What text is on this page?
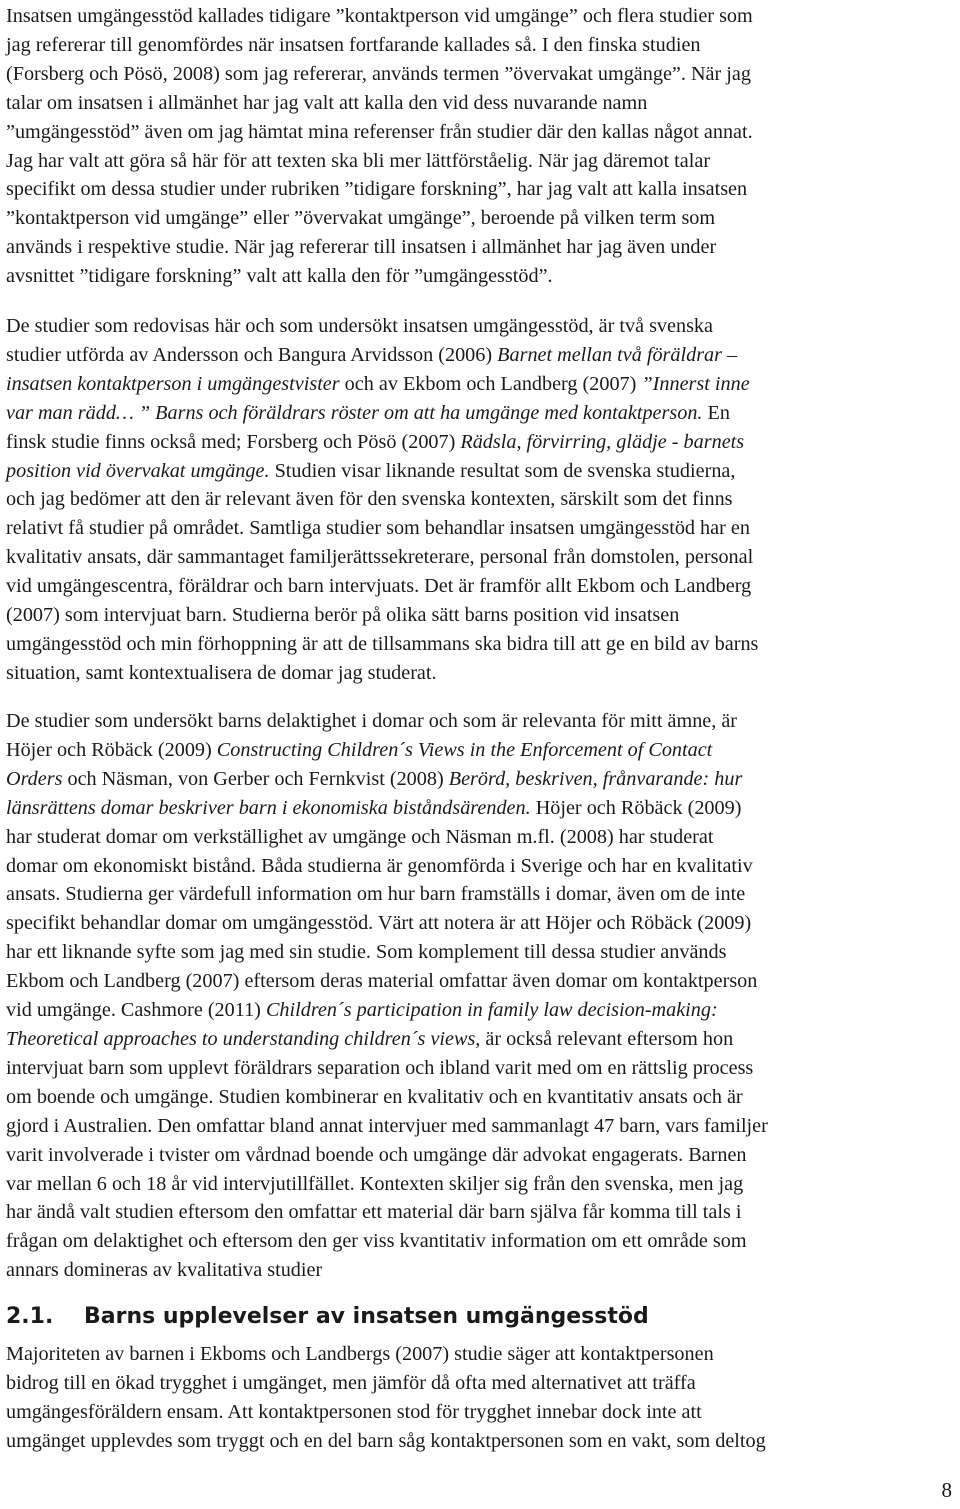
Insatsen umgängesstöd kallades tidigare ”kontaktperson vid umgänge” och flera studier som
jag refererar till genomfördes när insatsen fortfarande kallades så. I den finska studien
(Forsberg och Pösö, 2008) som jag refererar, används termen ”övervakat umgänge”. När jag
talar om insatsen i allmänhet har jag valt att kalla den vid dess nuvarande namn
”umgängesstöd” även om jag hämtat mina referenser från studier där den kallas något annat.
Jag har valt att göra så här för att texten ska bli mer lättförståelig. När jag däremot talar
specifikt om dessa studier under rubriken ”tidigare forskning”, har jag valt att kalla insatsen
”kontaktperson vid umgänge” eller ”övervakat umgänge”, beroende på vilken term som
används i respektive studie. När jag refererar till insatsen i allmänhet har jag även under
avsnittet ”tidigare forskning” valt att kalla den för ”umgängesstöd”.

De studier som redovisas här och som undersökt insatsen umgängesstöd, är två svenska
studier utförda av Andersson och Bangura Arvidsson (2006) Barnet mellan två föräldrar –
insatsen kontaktperson i umgängestvister och av Ekbom och Landberg (2007) ”Innerst inne
var man rädd… ” Barns och föräldrars röster om att ha umgänge med kontaktperson. En
finsk studie finns också med; Forsberg och Pösö (2007) Rädsla, förvirring, glädje - barnets
position vid övervakat umgänge. Studien visar liknande resultat som de svenska studierna,
och jag bedömer att den är relevant även för den svenska kontexten, särskilt som det finns
relativt få studier på området. Samtliga studier som behandlar insatsen umgängesstöd har en
kvalitativ ansats, där sammantaget familjerättssekreterare, personal från domstolen, personal
vid umgängescentra, föräldrar och barn intervjuats. Det är framför allt Ekbom och Landberg
(2007) som intervjuat barn. Studierna berör på olika sätt barns position vid insatsen
umgängesstöd och min förhoppning är att de tillsammans ska bidra till att ge en bild av barns
situation, samt kontextualisera de domar jag studerat.

De studier som undersökt barns delaktighet i domar och som är relevanta för mitt ämne, är
Höjer och Röbäck (2009) Constructing Children´s Views in the Enforcement of Contact
Orders och Näsman, von Gerber och Fernkvist (2008) Berörd, beskriven, frånvarande: hur
länsrättens domar beskriver barn i ekonomiska biståndsärenden. Höjer och Röbäck (2009)
har studerat domar om verkställighet av umgänge och Näsman m.fl. (2008) har studerat
domar om ekonomiskt bistånd. Båda studierna är genomförda i Sverige och har en kvalitativ
ansats. Studierna ger värdefull information om hur barn framställs i domar, även om de inte
specifikt behandlar domar om umgängesstöd. Värt att notera är att Höjer och Röbäck (2009)
har ett liknande syfte som jag med sin studie. Som komplement till dessa studier används
Ekbom och Landberg (2007) eftersom deras material omfattar även domar om kontaktperson
vid umgänge. Cashmore (2011) Children´s participation in family law decision-making:
Theoretical approaches to understanding children´s views, är också relevant eftersom hon
intervjuat barn som upplevt föräldrars separation och ibland varit med om en rättslig process
om boende och umgänge. Studien kombinerar en kvalitativ och en kvantitativ ansats och är
gjord i Australien. Den omfattar bland annat intervjuer med sammanlagt 47 barn, vars familjer
varit involverade i tvister om vårdnad boende och umgänge där advokat engagerats. Barnen
var mellan 6 och 18 år vid intervjutillfället. Kontexten skiljer sig från den svenska, men jag
har ändå valt studien eftersom den omfattar ett material där barn själva får komma till tals i
frågan om delaktighet och eftersom den ger viss kvantitativ information om ett område som
annars domineras av kvalitativa studier

2.1. Barns upplevelser av insatsen umgängesstöd

Majoriteten av barnen i Ekboms och Landbergs (2007) studie säger att kontaktpersonen
bidrog till en ökad trygghet i umgänget, men jämför då ofta med alternativet att träffa
umgängesföräldern ensam. Att kontaktpersonen stod för trygghet innebar dock inte att
umgänget upplevdes som tryggt och en del barn såg kontaktpersonen som en vakt, som deltog

8
